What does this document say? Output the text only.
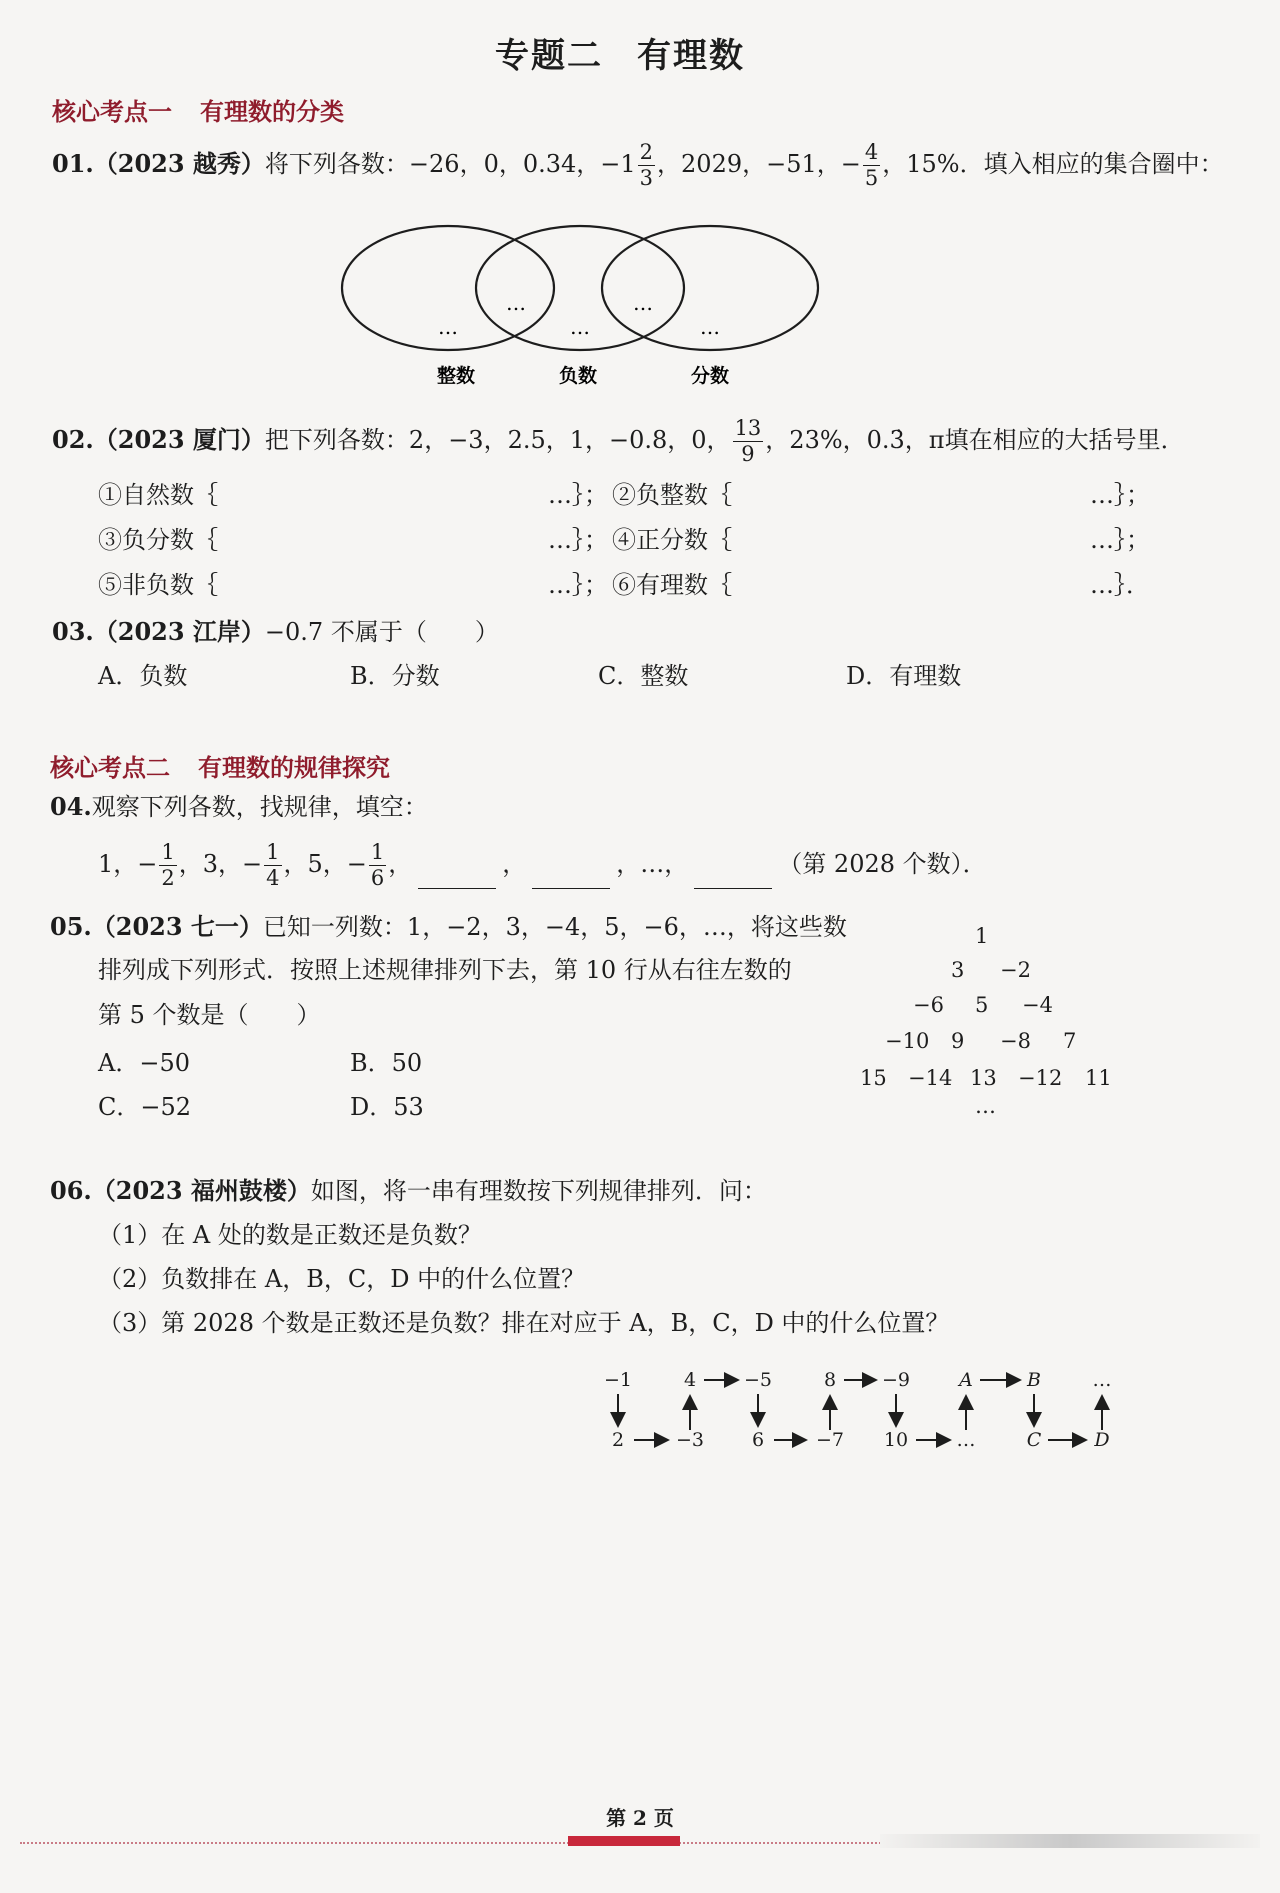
专题二 有理数
核心考点一 有理数的分类
01.（2023 越秀）将下列各数：−26，0，0.34，$-1 \frac{2}{3}$ ，2029，−51，− $\frac{4}{5}$ ，15%．填入相应的集合圈中：
…
…
…
…
…
整数	负数	分数
02.（2023 厦门）把下列各数：2，−3，2.5，1，−0.8，0， $\frac{13}{9}$ ，23%，0.3̇，π填在相应的大括号里．
①自然数｛	…｝； ②负整数｛	…｝；
③负分数｛	…｝； ④正分数｛	…｝；
⑤非负数｛	…｝； ⑥有理数｛	…｝．
03.（2023 江岸）−0.7 不属于（　　）
A．负数	B．分数	C．整数	D．有理数
核心考点二 有理数的规律探究
04.观察下列各数，找规律，填空：
1，− $\frac{1}{2}$ ，3，− $\frac{1}{4}$ ，5，− $\frac{1}{6}$ ，	，	，…，	（第 2028 个数）．
05.（2023 七一）已知一列数：1，−2，3，−4，5，−6，…，将这些数
排列成下列形式．按照上述规律排列下去，第 10 行从右往左数的
第 5 个数是（　　）
A．−50	B．50
C．−52	D．53
1
3 −2
−6 5 −4
−10 9 −8 7
15 −14 13 −12 11
…
06.（2023 福州鼓楼）如图，将一串有理数按下列规律排列．问：
（1）在 A 处的数是正数还是负数？
（2）负数排在 A，B，C，D 中的什么位置？
（3）第 2028 个数是正数还是负数？排在对应于 A，B，C，D 中的什么位置？
−1	4	−5	8 −9	A	B	…
2	−3	6	−7 10	…	C	D
第 2 页
